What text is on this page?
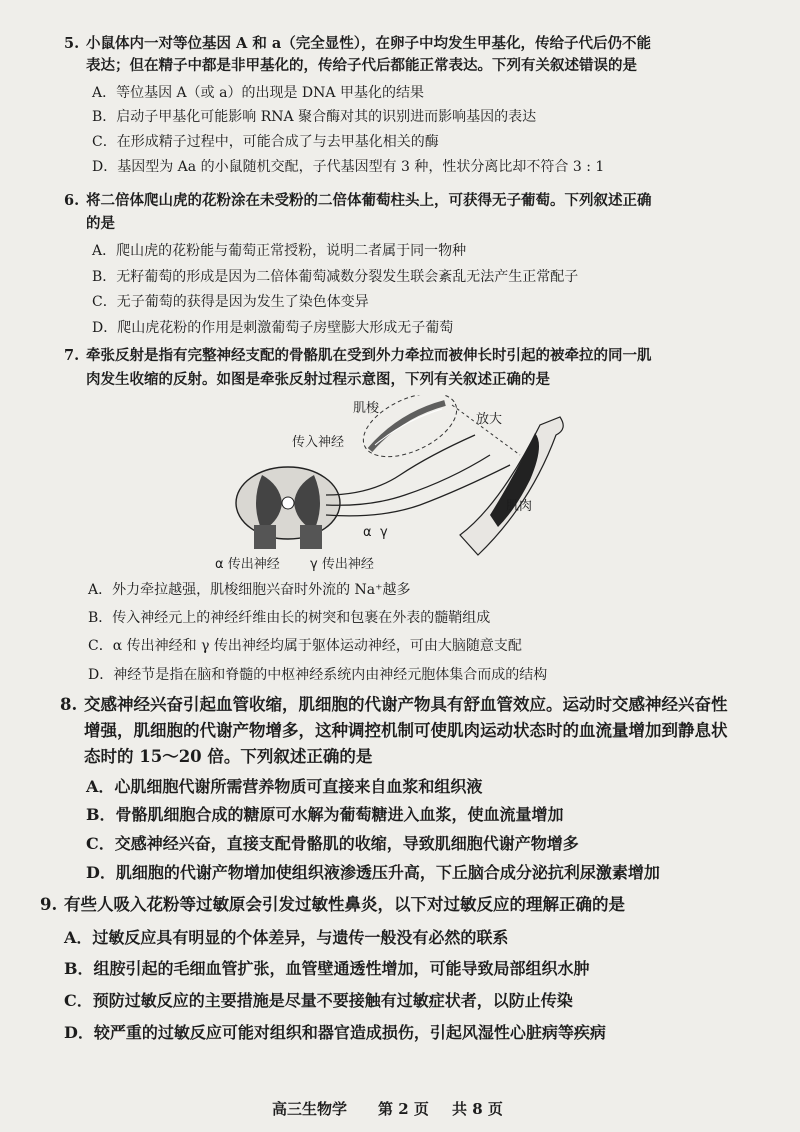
5. 小鼠体内一对等位基因 A 和 a（完全显性），在卵子中均发生甲基化，传给子代后仍不能
表达；但在精子中都是非甲基化的，传给子代后都能正常表达。下列有关叙述错误的是
A．等位基因 A（或 a）的出现是 DNA 甲基化的结果
B．启动子甲基化可能影响 RNA 聚合酶对其的识别进而影响基因的表达
C．在形成精子过程中，可能合成了与去甲基化相关的酶
D．基因型为 Aa 的小鼠随机交配，子代基因型有 3 种，性状分离比却不符合 3 : 1
6. 将二倍体爬山虎的花粉涂在未受粉的二倍体葡萄柱头上，可获得无子葡萄。下列叙述正确
的是
A．爬山虎的花粉能与葡萄正常授粉，说明二者属于同一物种
B．无籽葡萄的形成是因为二倍体葡萄减数分裂发生联会紊乱无法产生正常配子
C．无子葡萄的获得是因为发生了染色体变异
D．爬山虎花粉的作用是刺激葡萄子房壁膨大形成无子葡萄
7. 牵张反射是指有完整神经支配的骨骼肌在受到外力牵拉而被伸长时引起的被牵拉的同一肌
肉发生收缩的反射。如图是牵张反射过程示意图，下列有关叙述正确的是
肌梭
放大
传入神经
肌肉
α γ
α 传出神经 γ 传出神经
A．外力牵拉越强，肌梭细胞兴奋时外流的 Na⁺越多
B．传入神经元上的神经纤维由长的树突和包裹在外表的髓鞘组成
C．α 传出神经和 γ 传出神经均属于躯体运动神经，可由大脑随意支配
D．神经节是指在脑和脊髓的中枢神经系统内由神经元胞体集合而成的结构
8. 交感神经兴奋引起血管收缩，肌细胞的代谢产物具有舒血管效应。运动时交感神经兴奋性
增强，肌细胞的代谢产物增多，这种调控机制可使肌肉运动状态时的血流量增加到静息状
态时的 15～20 倍。下列叙述正确的是
A．心肌细胞代谢所需营养物质可直接来自血浆和组织液
B．骨骼肌细胞合成的糖原可水解为葡萄糖进入血浆，使血流量增加
C．交感神经兴奋，直接支配骨骼肌的收缩，导致肌细胞代谢产物增多
D．肌细胞的代谢产物增加使组织液渗透压升高，下丘脑合成分泌抗利尿激素增加
9. 有些人吸入花粉等过敏原会引发过敏性鼻炎，以下对过敏反应的理解正确的是
A．过敏反应具有明显的个体差异，与遗传一般没有必然的联系
B．组胺引起的毛细血管扩张，血管壁通透性增加，可能导致局部组织水肿
C．预防过敏反应的主要措施是尽量不要接触有过敏症状者，以防止传染
D．较严重的过敏反应可能对组织和器官造成损伤，引起风湿性心脏病等疾病
高三生物学 第 2 页 共 8 页
